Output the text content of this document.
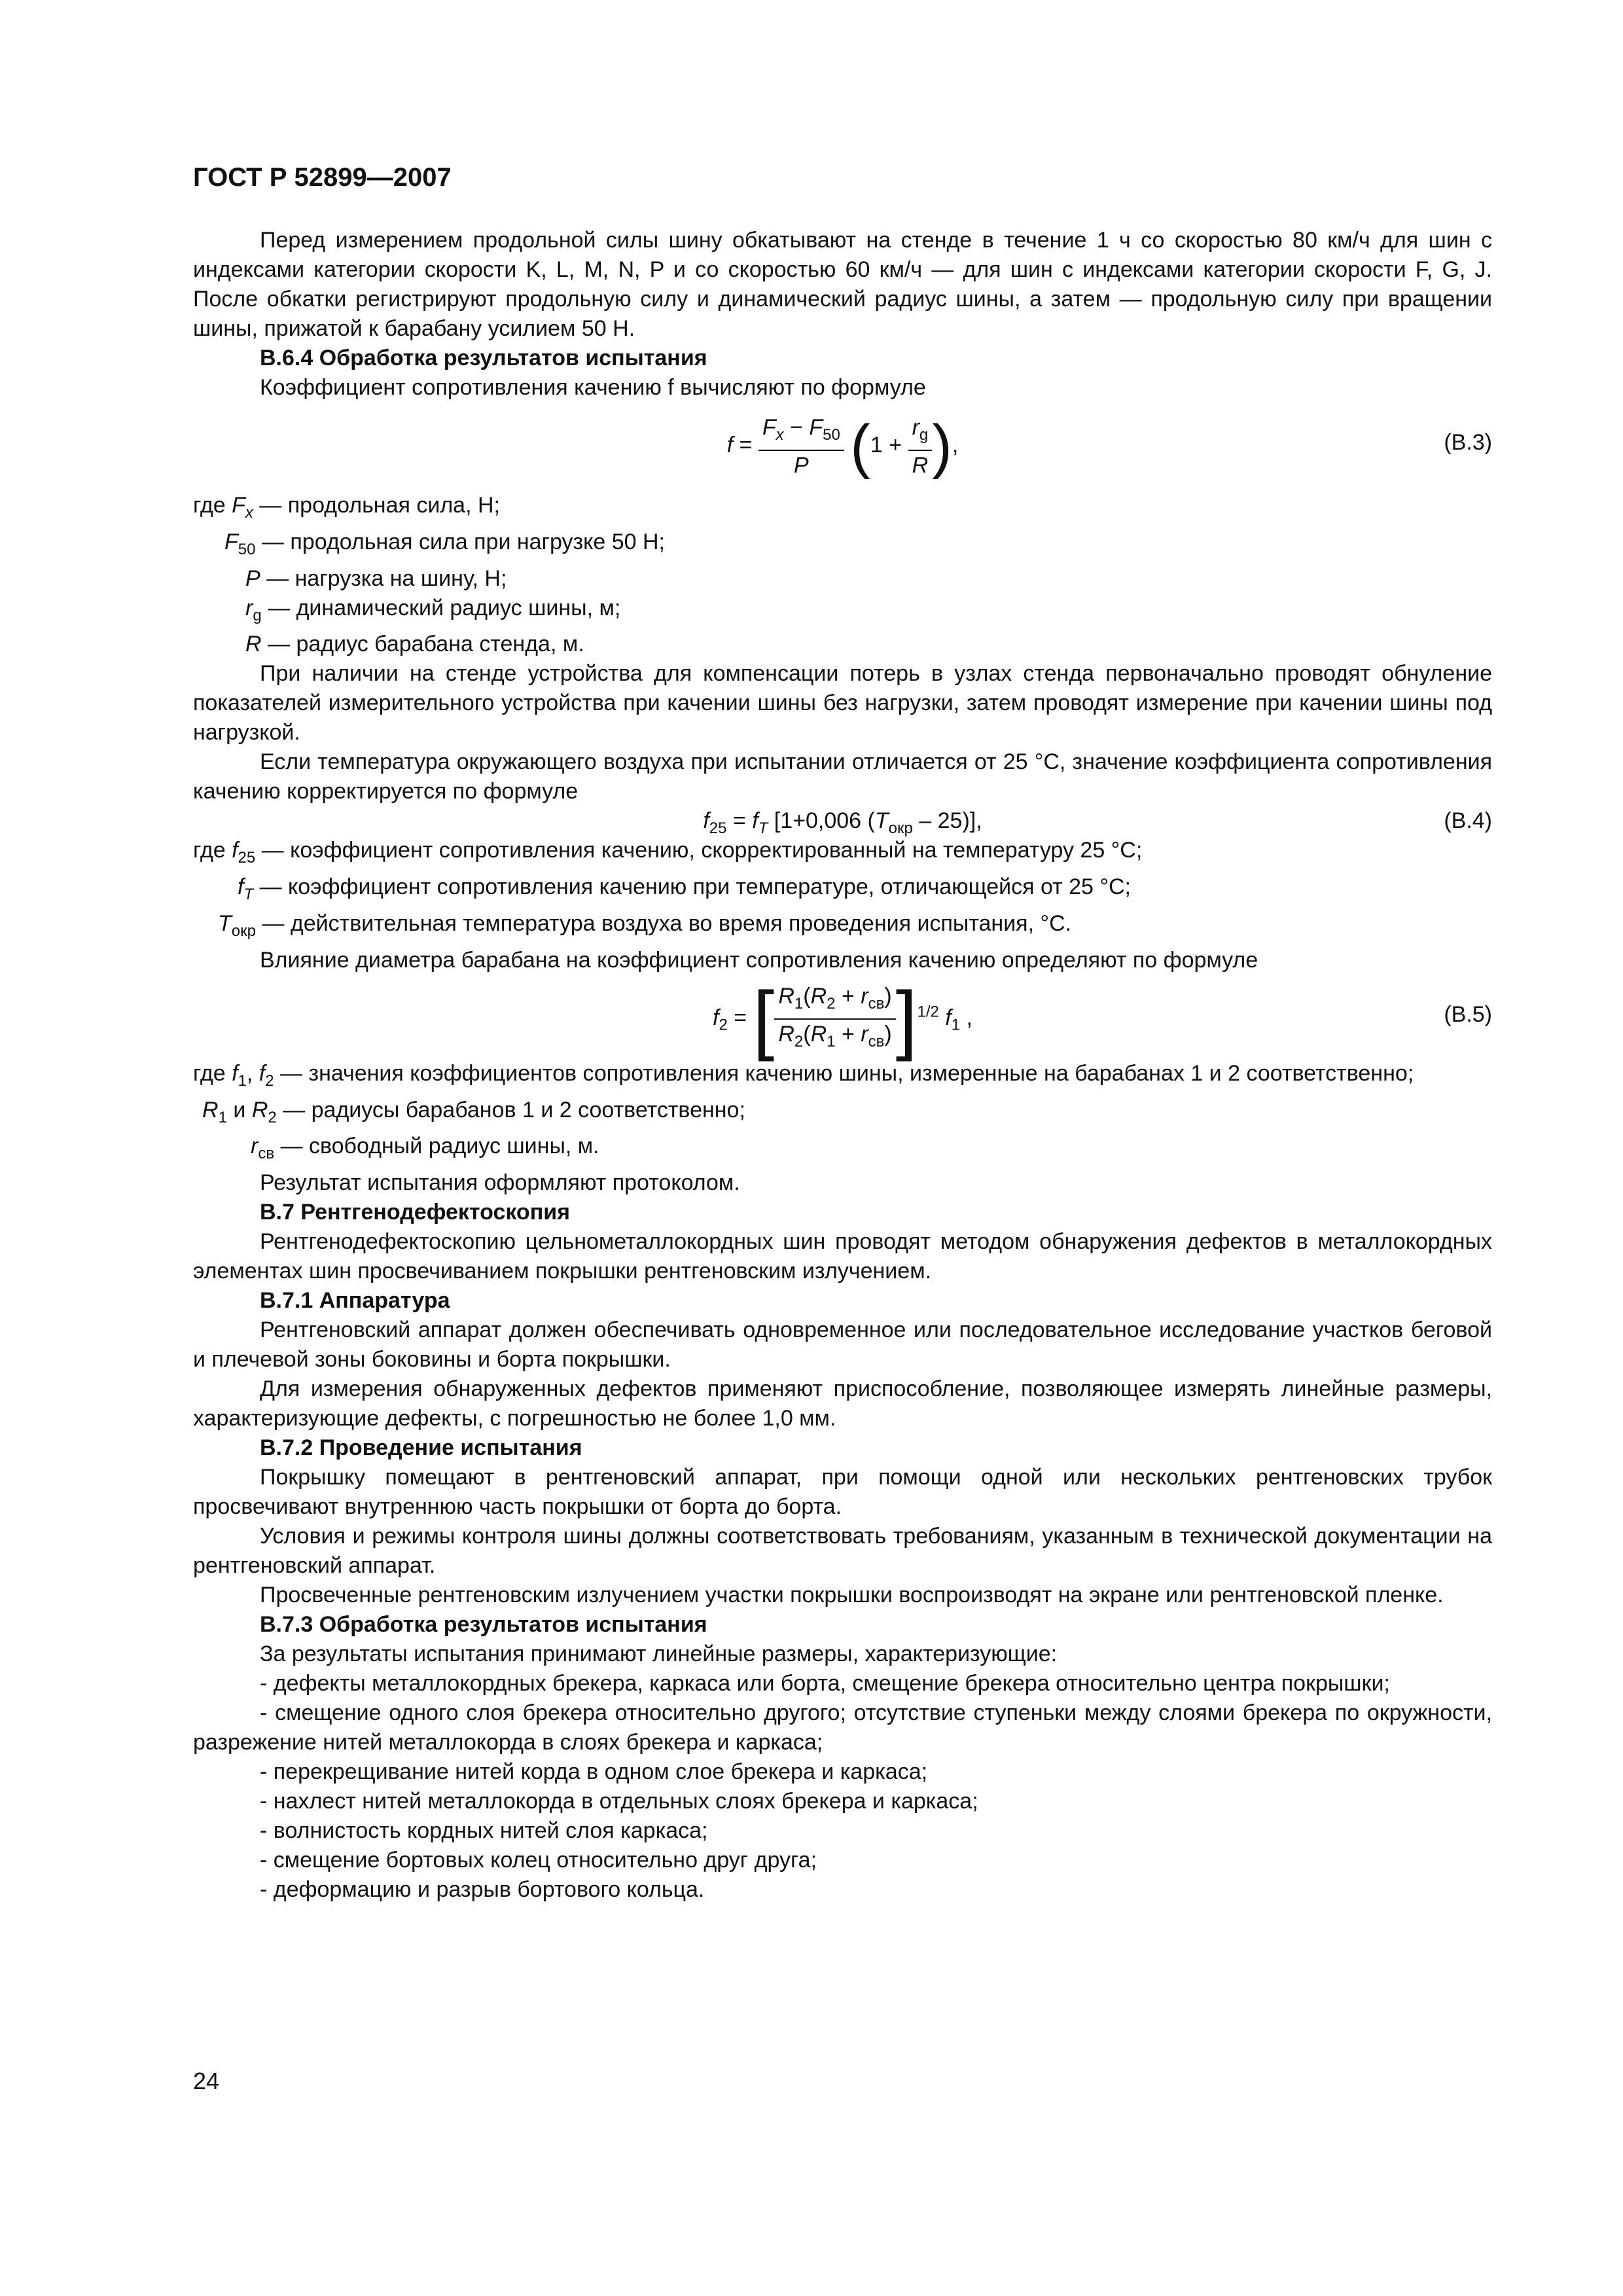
ГОСТ Р 52899—2007

Перед измерением продольной силы шину обкатывают на стенде в течение 1 ч со скоростью 80 км/ч для шин с индексами категории скорости K, L, M, N, P и со скоростью 60 км/ч — для шин с индексами категории скорости F, G, J. После обкатки регистрируют продольную силу и динамический радиус шины, а затем — продольную силу при вращении шины, прижатой к барабану усилием 50 Н.

В.6.4 Обработка результатов испытания

Коэффициент сопротивления качению f вычисляют по формуле

$f = \frac{F_x - F_{50}}{P} (1 + \frac{r_g}{R}$ ),	(В.3)
где $F_x$ — продольная сила, Н;
$F_{50}$ — продольная сила при нагрузке 50 Н;
P — нагрузка на шину, Н;
$r_g$ — динамический радиус шины, м;
R — радиус барабана стенда, м.

При наличии на стенде устройства для компенсации потерь в узлах стенда первоначально проводят обнуление показателей измерительного устройства при качении шины без нагрузки, затем проводят измерение при качении шины под нагрузкой.

Если температура окружающего воздуха при испытании отличается от 25 °С, значение коэффициента сопротивления качению корректируется по формуле

$f_{25} = f_T$ [1+0,006 $(T_{окр} - 25)$],	(В.4)
где $f_{25}$ — коэффициент сопротивления качению, скорректированный на температуру 25 °С;
$f_T$ — коэффициент сопротивления качению при температуре, отличающейся от 25 °С;
$T_{окр}$ — действительная температура воздуха во время проведения испытания, °С.

Влияние диаметра барабана на коэффициент сопротивления качению определяют по формуле

$f_2$ = [ $\frac{R_1(R_2 + r_{св})}{R_2(R_1 + r_{св})} ]^{1/2}$ $f_1$ ,	(В.5)
где $f_1$, $f_2$ — значения коэффициентов сопротивления качению шины, измеренные на барабанах 1 и 2 соответственно;
$R_1$ и $R_2$ — радиусы барабанов 1 и 2 соответственно;
$r_{св}$ — свободный радиус шины, м.

Результат испытания оформляют протоколом.

В.7 Рентгенодефектоскопия

Рентгенодефектоскопию цельнометаллокордных шин проводят методом обнаружения дефектов в металлокордных элементах шин просвечиванием покрышки рентгеновским излучением.

В.7.1 Аппаратура

Рентгеновский аппарат должен обеспечивать одновременное или последовательное исследование участков беговой и плечевой зоны боковины и борта покрышки.

Для измерения обнаруженных дефектов применяют приспособление, позволяющее измерять линейные размеры, характеризующие дефекты, с погрешностью не более 1,0 мм.

В.7.2 Проведение испытания

Покрышку помещают в рентгеновский аппарат, при помощи одной или нескольких рентгеновских трубок просвечивают внутреннюю часть покрышки от борта до борта.

Условия и режимы контроля шины должны соответствовать требованиям, указанным в технической документации на рентгеновский аппарат.

Просвеченные рентгеновским излучением участки покрышки воспроизводят на экране или рентгеновской пленке.

В.7.3 Обработка результатов испытания

За результаты испытания принимают линейные размеры, характеризующие:

- дефекты металлокордных брекера, каркаса или борта, смещение брекера относительно центра покрышки;

- смещение одного слоя брекера относительно другого; отсутствие ступеньки между слоями брекера по окружности, разрежение нитей металлокорда в слоях брекера и каркаса;

- перекрещивание нитей корда в одном слое брекера и каркаса;

- нахлест нитей металлокорда в отдельных слоях брекера и каркаса;

- волнистость кордных нитей слоя каркаса;

- смещение бортовых колец относительно друг друга;

- деформацию и разрыв бортового кольца.

24
